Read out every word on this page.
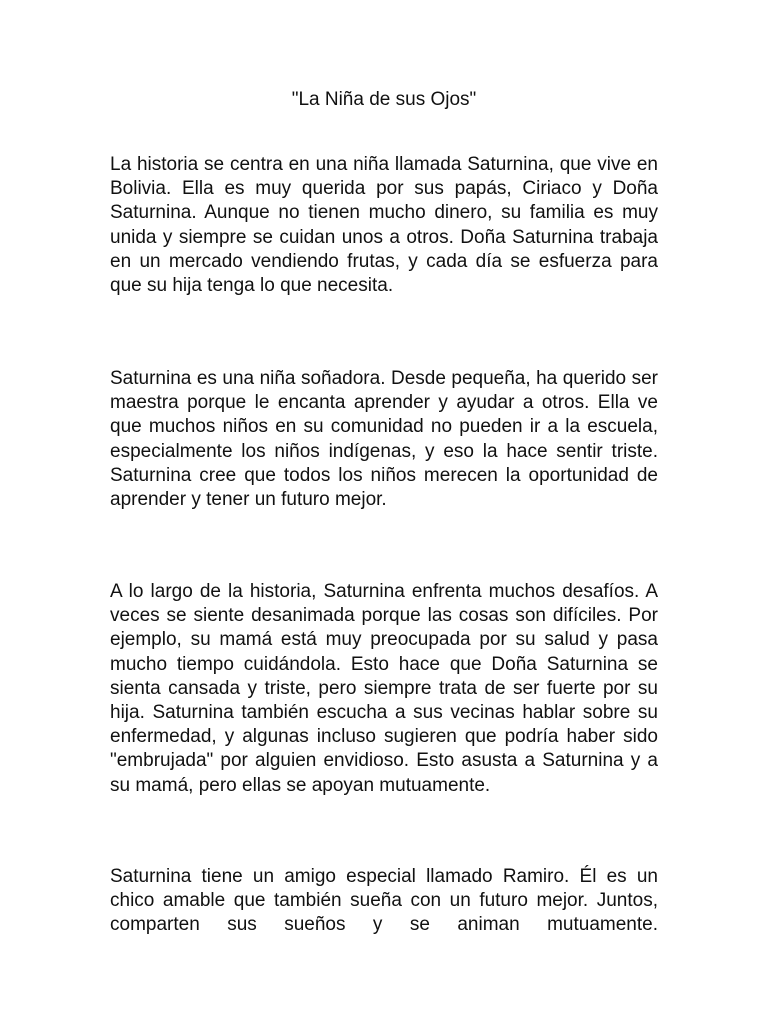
"La Niña de sus Ojos"

La historia se centra en una niña llamada Saturnina, que vive en Bolivia. Ella es muy querida por sus papás, Ciriaco y Doña Saturnina. Aunque no tienen mucho dinero, su familia es muy unida y siempre se cuidan unos a otros. Doña Saturnina trabaja en un mercado vendiendo frutas, y cada día se esfuerza para que su hija tenga lo que necesita.

Saturnina es una niña soñadora. Desde pequeña, ha querido ser maestra porque le encanta aprender y ayudar a otros. Ella ve que muchos niños en su comunidad no pueden ir a la escuela, especialmente los niños indígenas, y eso la hace sentir triste. Saturnina cree que todos los niños merecen la oportunidad de aprender y tener un futuro mejor.

A lo largo de la historia, Saturnina enfrenta muchos desafíos. A veces se siente desanimada porque las cosas son difíciles. Por ejemplo, su mamá está muy preocupada por su salud y pasa mucho tiempo cuidándola. Esto hace que Doña Saturnina se sienta cansada y triste, pero siempre trata de ser fuerte por su hija. Saturnina también escucha a sus vecinas hablar sobre su enfermedad, y algunas incluso sugieren que podría haber sido "embrujada" por alguien envidioso. Esto asusta a Saturnina y a su mamá, pero ellas se apoyan mutuamente.

Saturnina tiene un amigo especial llamado Ramiro. Él es un chico amable que también sueña con un futuro mejor. Juntos, comparten sus sueños y se animan mutuamente.
